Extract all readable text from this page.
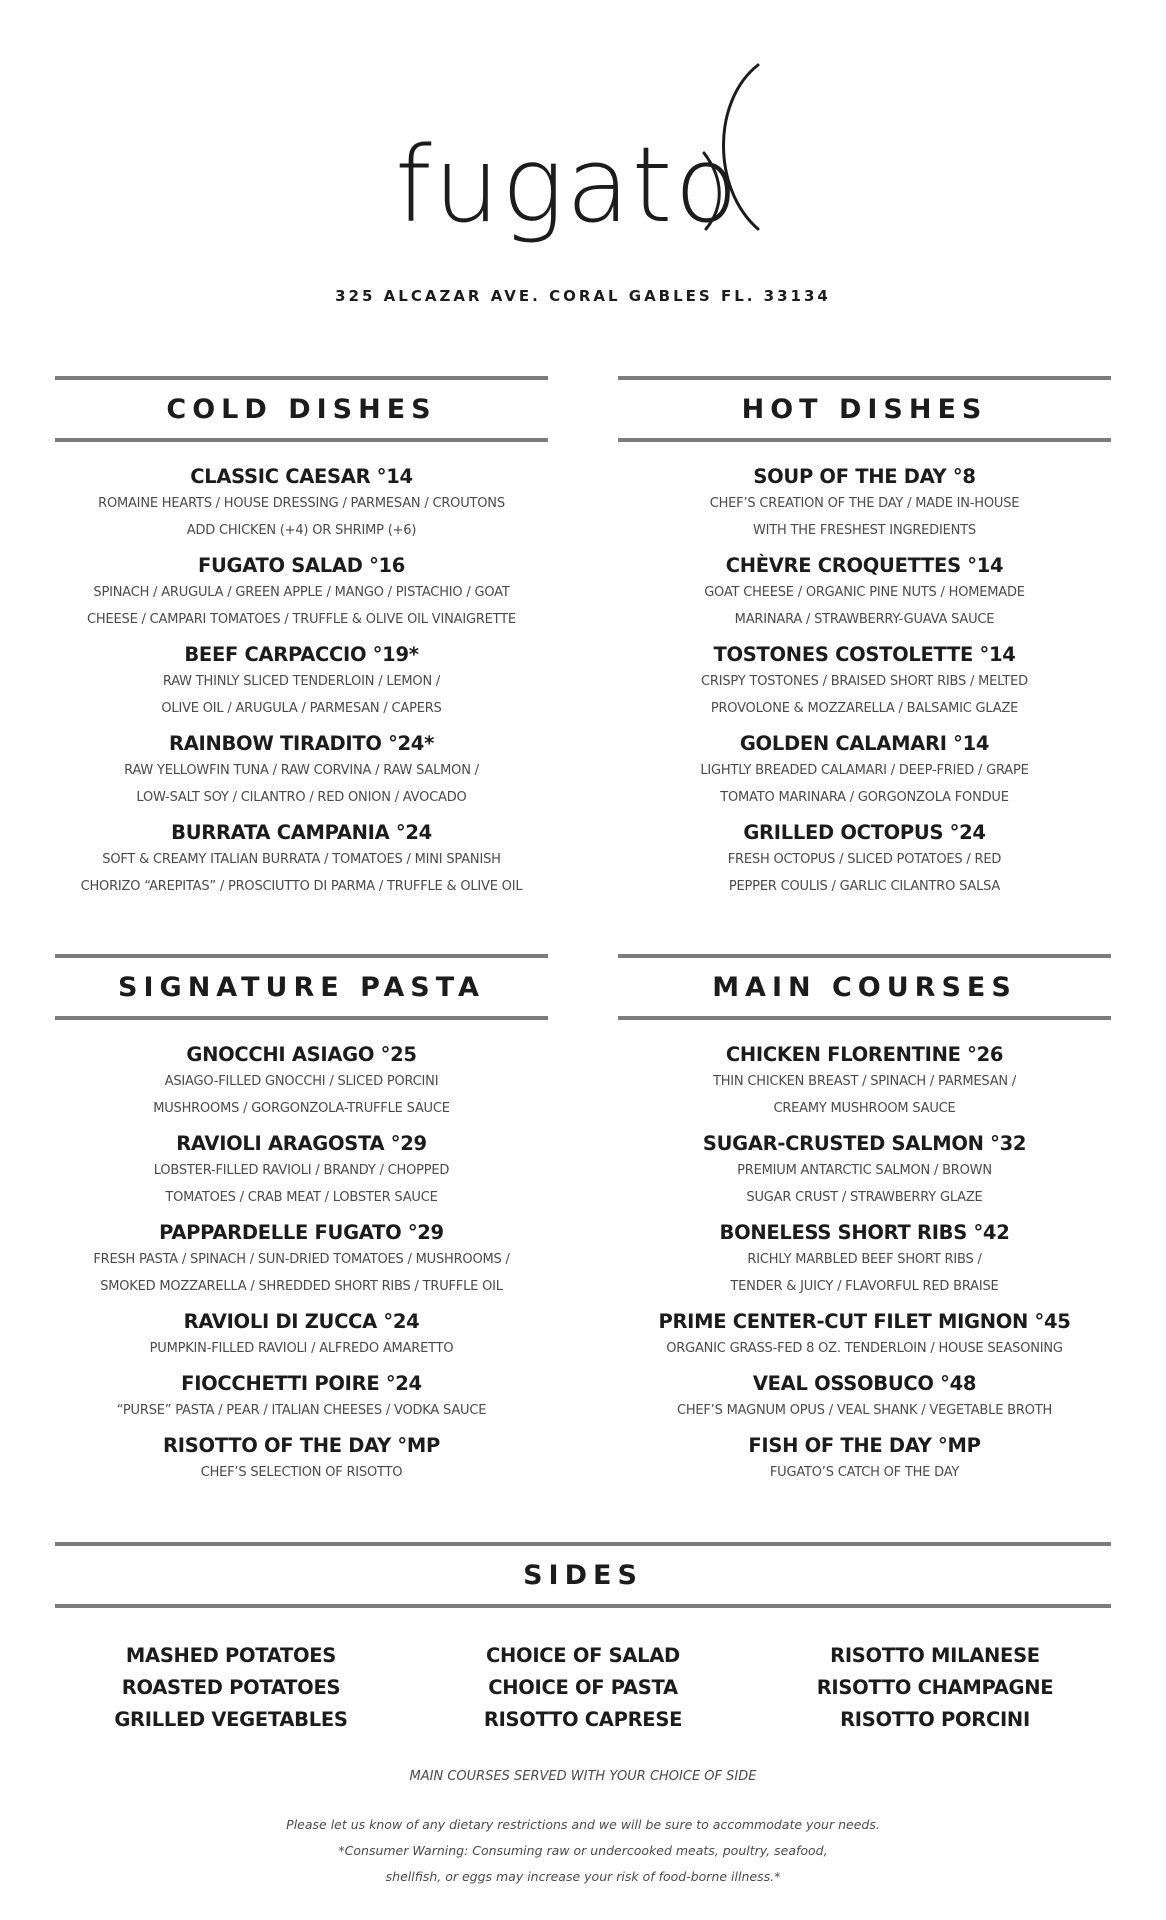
fugato
325 ALCAZAR AVE. CORAL GABLES FL. 33134
COLD DISHES
CLASSIC CAESAR °14
ROMAINE HEARTS / HOUSE DRESSING / PARMESAN / CROUTONS
ADD CHICKEN (+4) OR SHRIMP (+6)
FUGATO SALAD °16
SPINACH / ARUGULA / GREEN APPLE / MANGO / PISTACHIO / GOAT
CHEESE / CAMPARI TOMATOES / TRUFFLE & OLIVE OIL VINAIGRETTE
BEEF CARPACCIO °19*
RAW THINLY SLICED TENDERLOIN / LEMON /
OLIVE OIL / ARUGULA / PARMESAN / CAPERS
RAINBOW TIRADITO °24*
RAW YELLOWFIN TUNA / RAW CORVINA / RAW SALMON /
LOW-SALT SOY / CILANTRO / RED ONION / AVOCADO
BURRATA CAMPANIA °24
SOFT & CREAMY ITALIAN BURRATA / TOMATOES / MINI SPANISH
CHORIZO “AREPITAS” / PROSCIUTTO DI PARMA / TRUFFLE & OLIVE OIL
HOT DISHES
SOUP OF THE DAY °8
CHEF’S CREATION OF THE DAY / MADE IN-HOUSE
WITH THE FRESHEST INGREDIENTS
CHÈVRE CROQUETTES °14
GOAT CHEESE / ORGANIC PINE NUTS / HOMEMADE
MARINARA / STRAWBERRY-GUAVA SAUCE
TOSTONES COSTOLETTE °14
CRISPY TOSTONES / BRAISED SHORT RIBS / MELTED
PROVOLONE & MOZZARELLA / BALSAMIC GLAZE
GOLDEN CALAMARI °14
LIGHTLY BREADED CALAMARI / DEEP-FRIED / GRAPE
TOMATO MARINARA / GORGONZOLA FONDUE
GRILLED OCTOPUS °24
FRESH OCTOPUS / SLICED POTATOES / RED
PEPPER COULIS / GARLIC CILANTRO SALSA
SIGNATURE PASTA
GNOCCHI ASIAGO °25
ASIAGO-FILLED GNOCCHI / SLICED PORCINI
MUSHROOMS / GORGONZOLA-TRUFFLE SAUCE
RAVIOLI ARAGOSTA °29
LOBSTER-FILLED RAVIOLI / BRANDY / CHOPPED
TOMATOES / CRAB MEAT / LOBSTER SAUCE
PAPPARDELLE FUGATO °29
FRESH PASTA / SPINACH / SUN-DRIED TOMATOES / MUSHROOMS /
SMOKED MOZZARELLA / SHREDDED SHORT RIBS / TRUFFLE OIL
RAVIOLI DI ZUCCA °24
PUMPKIN-FILLED RAVIOLI / ALFREDO AMARETTO
FIOCCHETTI POIRE °24
“PURSE” PASTA / PEAR / ITALIAN CHEESES / VODKA SAUCE
RISOTTO OF THE DAY °MP
CHEF’S SELECTION OF RISOTTO
MAIN COURSES
CHICKEN FLORENTINE °26
THIN CHICKEN BREAST / SPINACH / PARMESAN /
CREAMY MUSHROOM SAUCE
SUGAR-CRUSTED SALMON °32
PREMIUM ANTARCTIC SALMON / BROWN
SUGAR CRUST / STRAWBERRY GLAZE
BONELESS SHORT RIBS °42
RICHLY MARBLED BEEF SHORT RIBS /
TENDER & JUICY / FLAVORFUL RED BRAISE
PRIME CENTER-CUT FILET MIGNON °45
ORGANIC GRASS-FED 8 OZ. TENDERLOIN / HOUSE SEASONING
VEAL OSSOBUCO °48
CHEF’S MAGNUM OPUS / VEAL SHANK / VEGETABLE BROTH
FISH OF THE DAY °MP
FUGATO’S CATCH OF THE DAY
SIDES
MASHED POTATOES
ROASTED POTATOES
GRILLED VEGETABLES
CHOICE OF SALAD
CHOICE OF PASTA
RISOTTO CAPRESE
RISOTTO MILANESE
RISOTTO CHAMPAGNE
RISOTTO PORCINI
MAIN COURSES SERVED WITH YOUR CHOICE OF SIDE
Please let us know of any dietary restrictions and we will be sure to accommodate your needs.
*Consumer Warning: Consuming raw or undercooked meats, poultry, seafood,
shellfish, or eggs may increase your risk of food-borne illness.*
